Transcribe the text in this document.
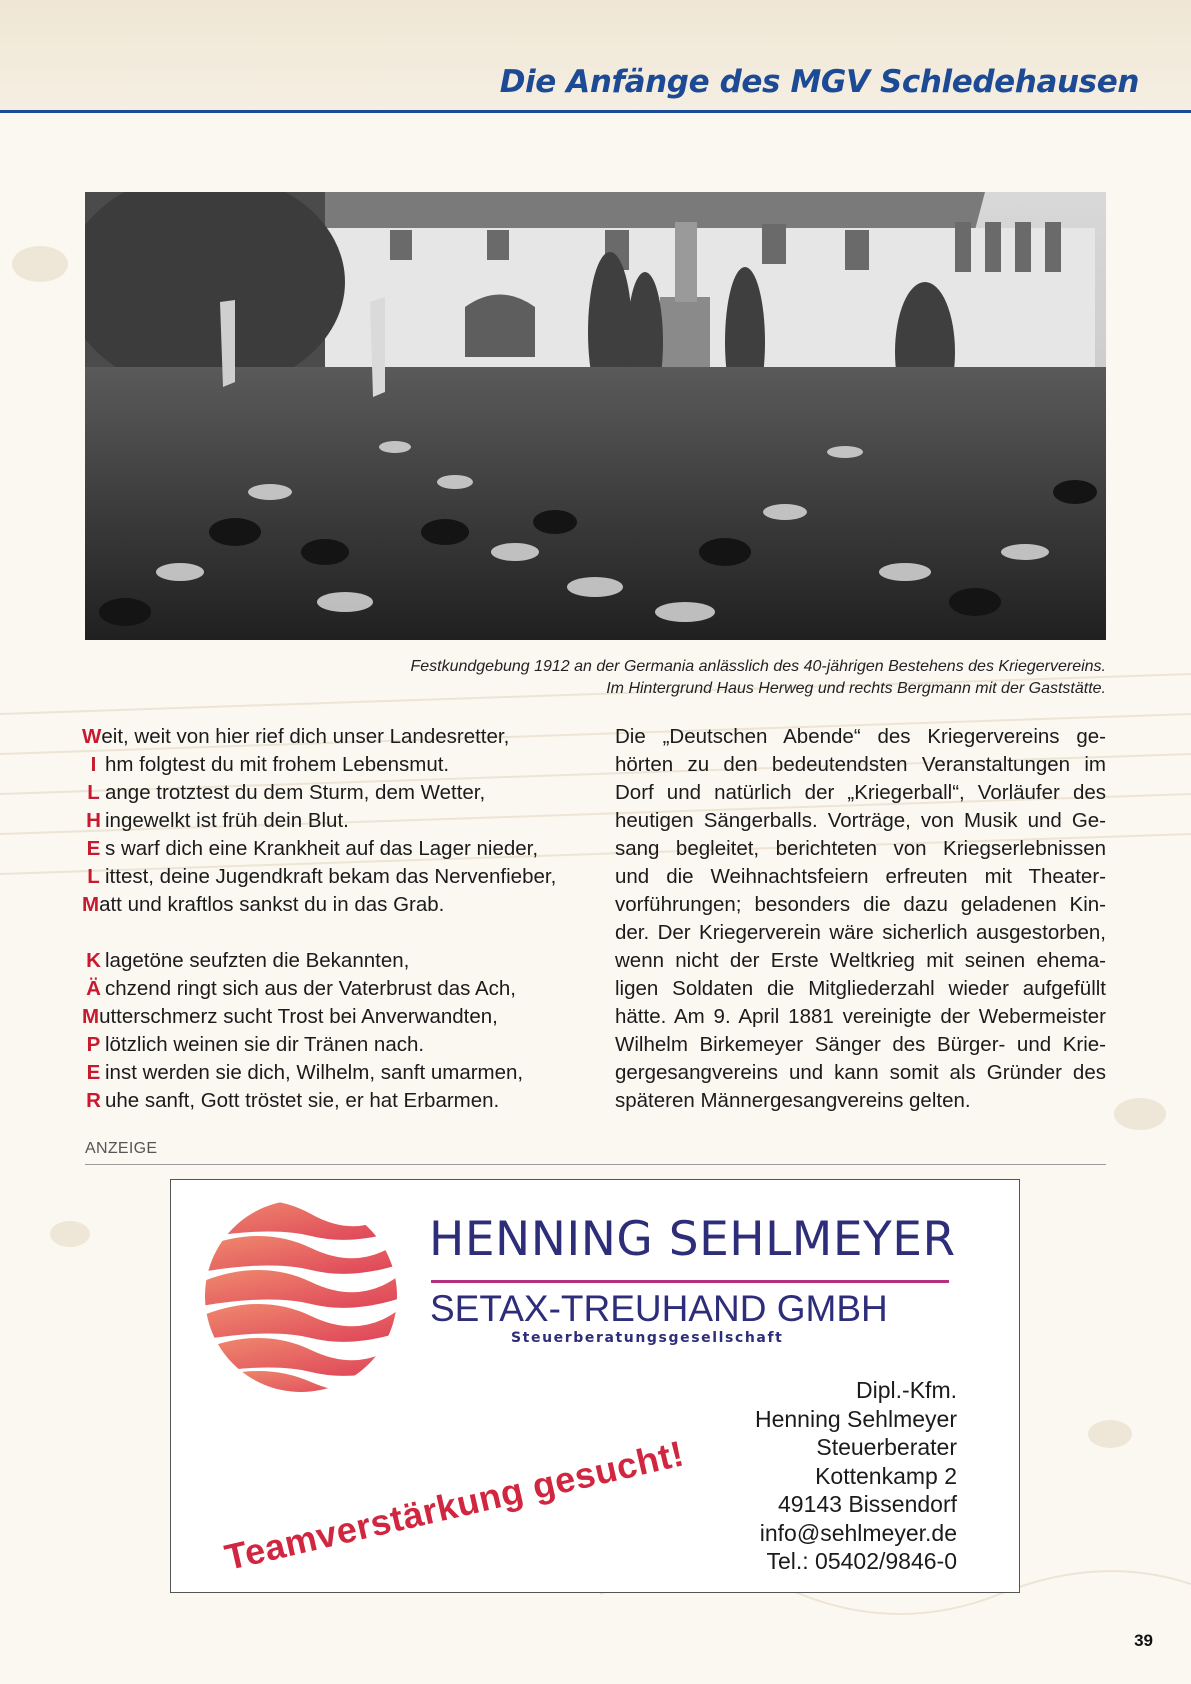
Die Anfänge des MGV Schledehausen
Festkundgebung 1912 an der Germania anlässlich des 40-jährigen Bestehens des Kriegervereins.
Im Hintergrund Haus Herweg und rechts Bergmann mit der Gaststätte.
Weit, weit von hier rief dich unser Landesretter,
I hm folgtest du mit frohem Lebensmut.
L ange trotztest du dem Sturm, dem Wetter,
H ingewelkt ist früh dein Blut.
E s warf dich eine Krankheit auf das Lager nieder,
L ittest, deine Jugendkraft bekam das Nervenfieber,
Matt und kraftlos sankst du in das Grab.
K lagetöne seufzten die Bekannten,
Ä chzend ringt sich aus der Vaterbrust das Ach,
Mutterschmerz sucht Trost bei Anverwandten,
P lötzlich weinen sie dir Tränen nach.
E inst werden sie dich, Wilhelm, sanft umarmen,
R uhe sanft, Gott tröstet sie, er hat Erbarmen.
Die „Deutschen Abende“ des Kriegervereins ge-
hörten zu den bedeutendsten Veranstaltungen im
Dorf und natürlich der „Kriegerball“, Vorläufer des
heutigen Sängerballs. Vorträge, von Musik und Ge-
sang begleitet, berichteten von Kriegserlebnissen
und die Weihnachtsfeiern erfreuten mit Theater-
vorführungen; besonders die dazu geladenen Kin-
der. Der Kriegerverein wäre sicherlich ausgestorben,
wenn nicht der Erste Weltkrieg mit seinen ehema-
ligen Soldaten die Mitgliederzahl wieder aufgefüllt
hätte. Am 9. April 1881 vereinigte der Webermeister
Wilhelm Birkemeyer Sänger des Bürger- und Krie-
gergesangvereins und kann somit als Gründer des
späteren Männergesangvereins gelten.
ANZEIGE
HENNING SEHLMEYER
SETAX-TREUHAND GMBH
Steuerberatungsgesellschaft
Dipl.-Kfm.
Henning Sehlmeyer
Steuerberater
Kottenkamp 2
49143 Bissendorf
info@sehlmeyer.de
Tel.: 05402/9846-0
Teamverstärkung gesucht!
39
